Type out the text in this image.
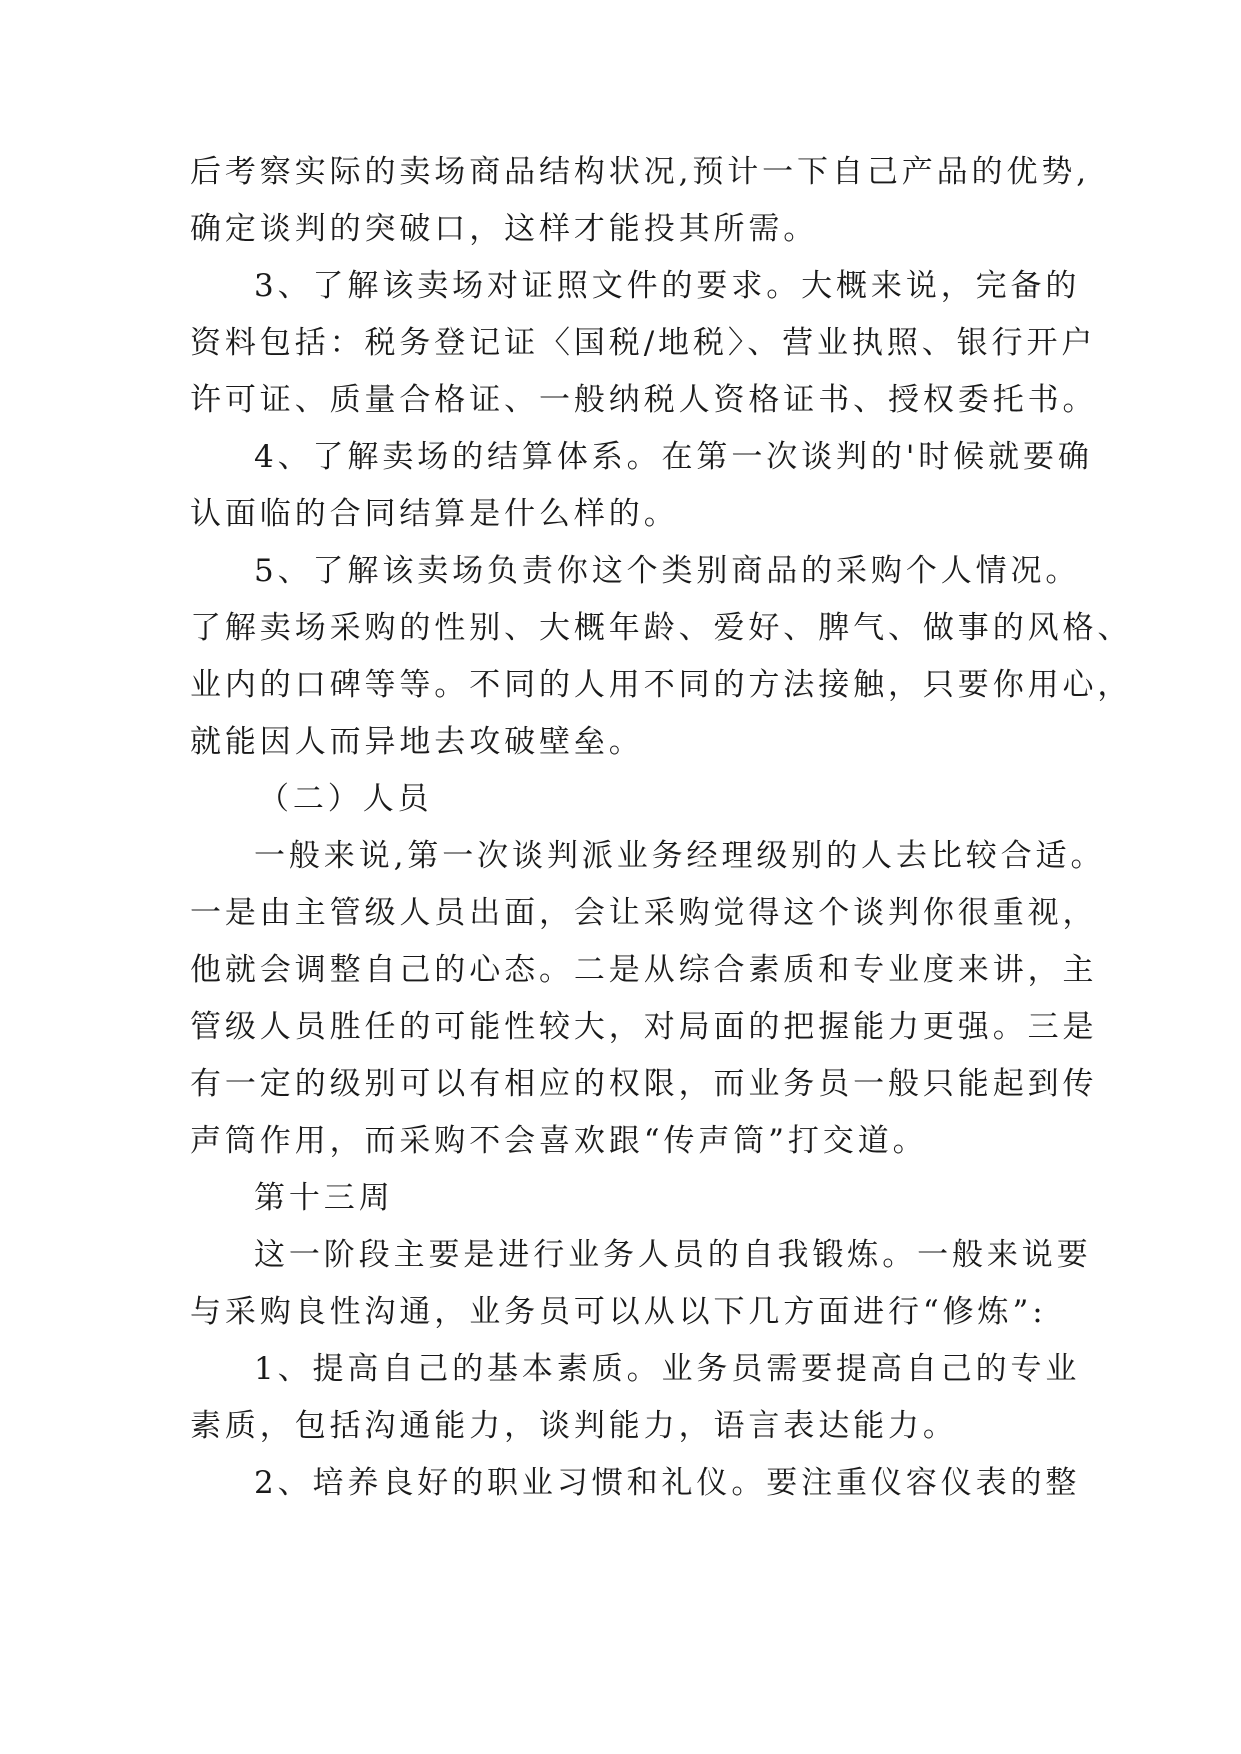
后考察实际的卖场商品结构状况,预计一下自己产品的优势,

确定谈判的突破口，这样才能投其所需。

3、了解该卖场对证照文件的要求。大概来说，完备的

资料包括：税务登记证〈国税/地税〉、营业执照、银行开户

许可证、质量合格证、一般纳税人资格证书、授权委托书。

4、了解卖场的结算体系。在第一次谈判的'时候就要确

认面临的合同结算是什么样的。

5、了解该卖场负责你这个类别商品的采购个人情况。

了解卖场采购的性别、大概年龄、爱好、脾气、做事的风格、

业内的口碑等等。不同的人用不同的方法接触，只要你用心，

就能因人而异地去攻破壁垒。

（二）人员

一般来说,第一次谈判派业务经理级别的人去比较合适。

一是由主管级人员出面，会让采购觉得这个谈判你很重视，

他就会调整自己的心态。二是从综合素质和专业度来讲，主

管级人员胜任的可能性较大，对局面的把握能力更强。三是

有一定的级别可以有相应的权限，而业务员一般只能起到传

声筒作用，而采购不会喜欢跟“传声筒”打交道。

第十三周

这一阶段主要是进行业务人员的自我锻炼。一般来说要

与采购良性沟通，业务员可以从以下几方面进行“修炼”:

1、提高自己的基本素质。业务员需要提高自己的专业

素质，包括沟通能力，谈判能力，语言表达能力。

2、培养良好的职业习惯和礼仪。要注重仪容仪表的整
